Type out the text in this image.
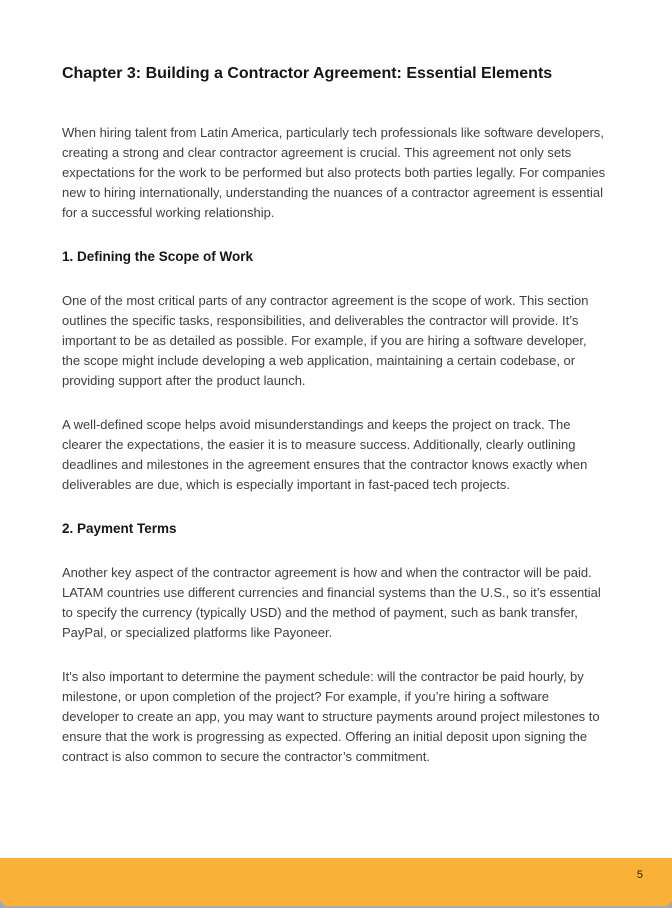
Chapter 3: Building a Contractor Agreement: Essential Elements

When hiring talent from Latin America, particularly tech professionals like software developers, creating a strong and clear contractor agreement is crucial. This agreement not only sets expectations for the work to be performed but also protects both parties legally. For companies new to hiring internationally, understanding the nuances of a contractor agreement is essential for a successful working relationship.

1. Defining the Scope of Work

One of the most critical parts of any contractor agreement is the scope of work. This section outlines the specific tasks, responsibilities, and deliverables the contractor will provide. It’s important to be as detailed as possible. For example, if you are hiring a software developer, the scope might include developing a web application, maintaining a certain codebase, or providing support after the product launch.

A well-defined scope helps avoid misunderstandings and keeps the project on track. The clearer the expectations, the easier it is to measure success. Additionally, clearly outlining deadlines and milestones in the agreement ensures that the contractor knows exactly when deliverables are due, which is especially important in fast-paced tech projects.

2. Payment Terms

Another key aspect of the contractor agreement is how and when the contractor will be paid. LATAM countries use different currencies and financial systems than the U.S., so it’s essential to specify the currency (typically USD) and the method of payment, such as bank transfer, PayPal, or specialized platforms like Payoneer.

It's also important to determine the payment schedule: will the contractor be paid hourly, by milestone, or upon completion of the project? For example, if you’re hiring a software developer to create an app, you may want to structure payments around project milestones to ensure that the work is progressing as expected. Offering an initial deposit upon signing the contract is also common to secure the contractor’s commitment.

5
